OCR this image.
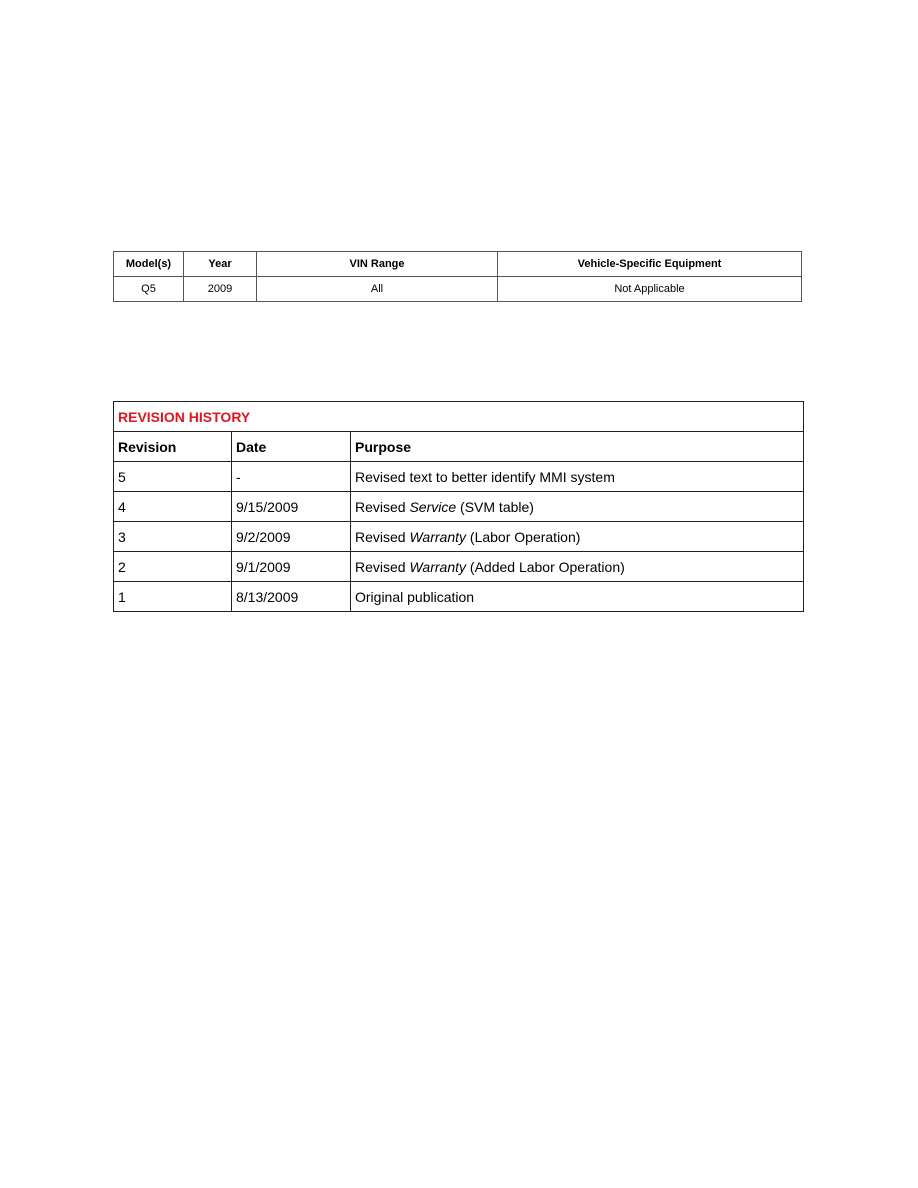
Model(s)	Year	VIN Range	Vehicle-Specific Equipment
Q5	2009	All	Not Applicable
REVISION HISTORY		
Revision	Date	Purpose
5	-	Revised text to better identify MMI system
4	9/15/2009	Revised Service (SVM table)
3	9/2/2009	Revised Warranty (Labor Operation)
2	9/1/2009	Revised Warranty (Added Labor Operation)
1	8/13/2009	Original publication
